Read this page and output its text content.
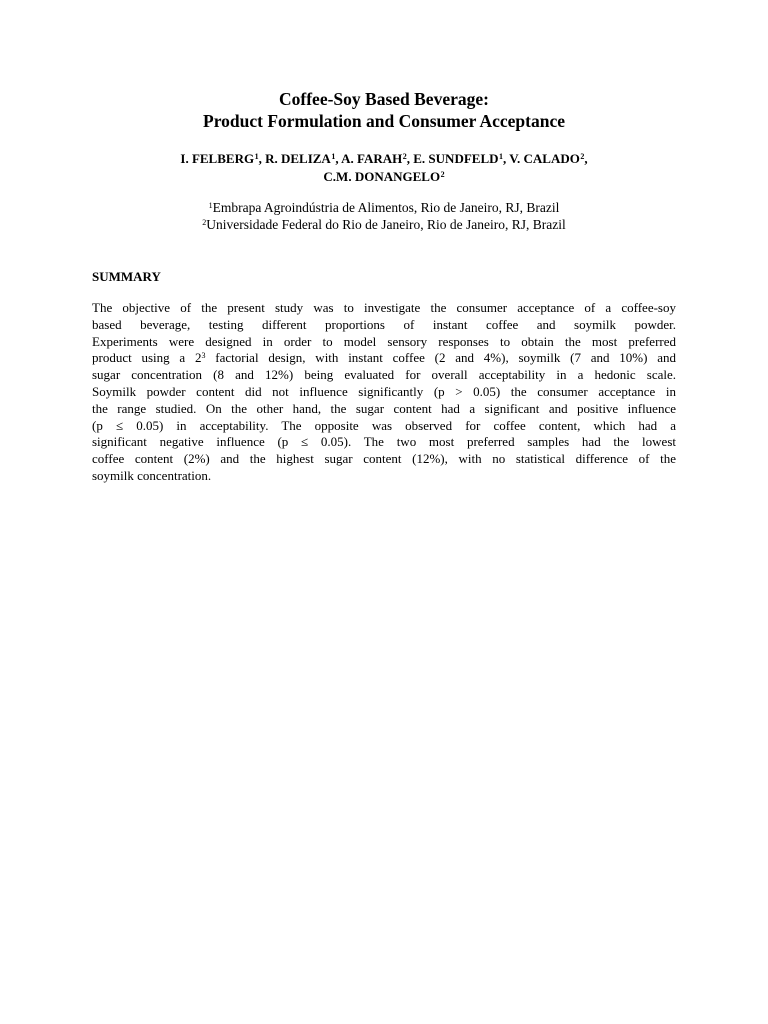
Coffee-Soy Based Beverage:
Product Formulation and Consumer Acceptance

I. FELBERG$^1$, R. DELIZA$^1$, A. FARAH$^2$, E. SUNDFELD$^1$, V. CALADO$^2$,

C.M. DONANGELO$^2$

$^1$Embrapa Agroindústria de Alimentos, Rio de Janeiro, RJ, Brazil

$^2$Universidade Federal do Rio de Janeiro, Rio de Janeiro, RJ, Brazil

SUMMARY
The objective of the present study was to investigate the consumer acceptance of a coffee-soy
based beverage, testing different proportions of instant coffee and soymilk powder.
Experiments were designed in order to model sensory responses to obtain the most preferred
product using a $2^3$ factorial design, with instant coffee (2 and 4%), soymilk (7 and 10%) and
sugar concentration (8 and 12%) being evaluated for overall acceptability in a hedonic scale.
Soymilk powder content did not influence significantly (p > 0.05) the consumer acceptance in
the range studied. On the other hand, the sugar content had a significant and positive influence
(p ≤ 0.05) in acceptability. The opposite was observed for coffee content, which had a
significant negative influence (p ≤ 0.05). The two most preferred samples had the lowest
coffee content (2%) and the highest sugar content (12%), with no statistical difference of the
soymilk concentration.
